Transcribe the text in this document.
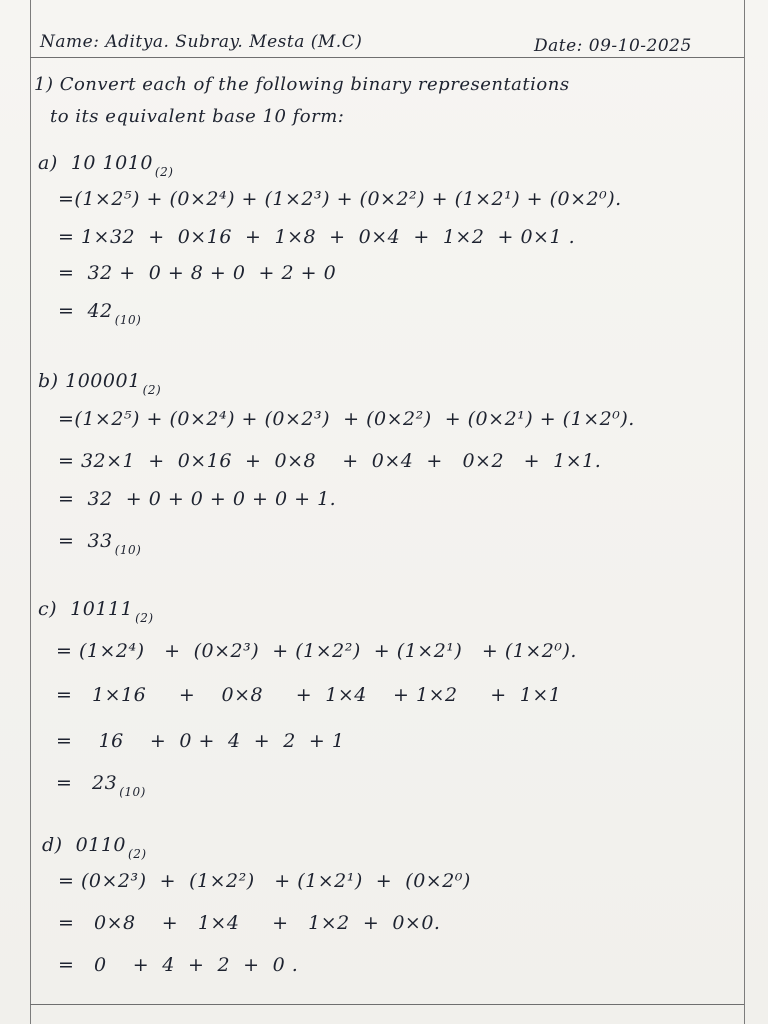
Name: Aditya. Subray. Mesta (M.C)	Date: 09-10-2025
1) Convert each of the following binary representations
to its equivalent base 10 form:
a) 10 1010 $_{(2)}$
=(1×2⁵) + (0×2⁴) + (1×2³) + (0×2²) + (1×2¹) + (0×2⁰).
= 1×32  +  0×16  +  1×8  +  0×4  +  1×2  + 0×1 .
=  32 +  0 + 8 + 0  + 2 + 0
=  42 $_{(10)}$
b) 100001 $_{(2)}$
=(1×2⁵) + (0×2⁴) + (0×2³)  + (0×2²)  + (0×2¹) + (1×2⁰).
= 32×1  +  0×16  +  0×8    +  0×4  +   0×2   +  1×1.
=  32  + 0 + 0 + 0 + 0 + 1.
=  33 $_{(10)}$
c) 10111 $_{(2)}$
= (1×2⁴)   +  (0×2³)  + (1×2²)  + (1×2¹)   + (1×2⁰).
=   1×16     +    0×8     +  1×4    + 1×2     +  1×1
=    16    +  0 +  4  +  2  + 1
=   23 $_{(10)}$
d) 0110 $_{(2)}$
= (0×2³)  +  (1×2²)   + (1×2¹)  +  (0×2⁰)
=   0×8    +   1×4     +   1×2  +  0×0.
=   0    +  4  +  2  +  0 .
